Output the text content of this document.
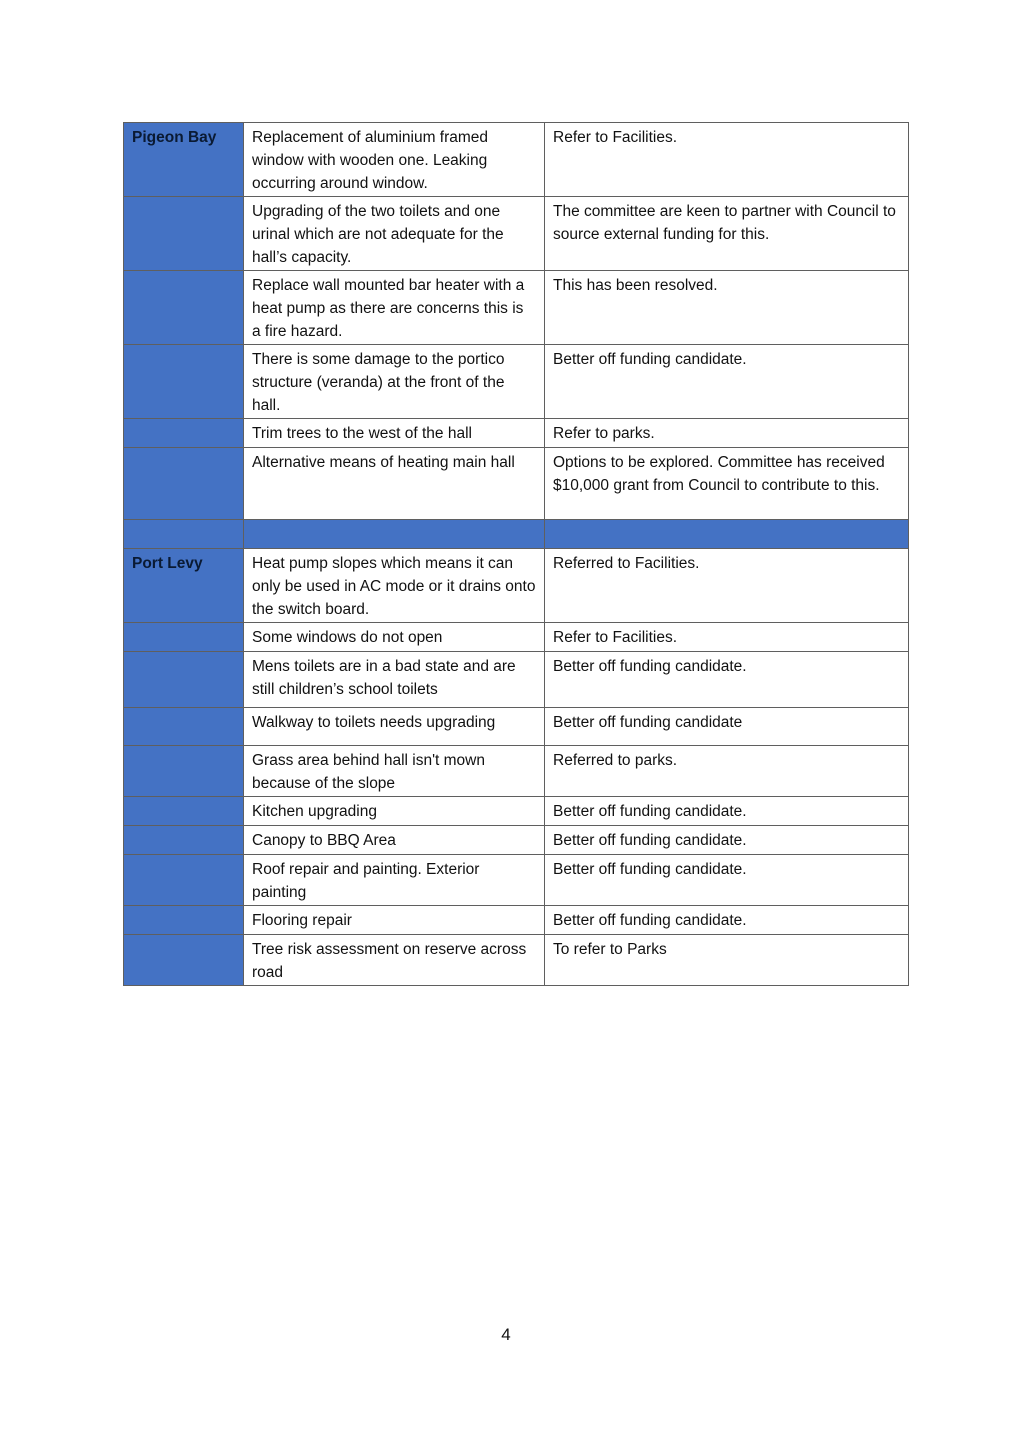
Pigeon Bay	Replacement of aluminium framed window with wooden one. Leaking occurring around window.	Refer to Facilities.
	Upgrading of the two toilets and one urinal which are not adequate for the hall’s capacity.	The committee are keen to partner with Council to source external funding for this.
	Replace wall mounted bar heater with a heat pump as there are concerns this is a fire hazard.	This has been resolved.
	There is some damage to the portico structure (veranda) at the front of the hall.	Better off funding candidate.
	Trim trees to the west of the hall	Refer to parks.
	Alternative means of heating main hall	Options to be explored. Committee has received $10,000 grant from Council to contribute to this.

Port Levy	Heat pump slopes which means it can only be used in AC mode or it drains onto the switch board.	Referred to Facilities.
	Some windows do not open	Refer to Facilities.
	Mens toilets are in a bad state and are still children’s school toilets	Better off funding candidate.
	Walkway to toilets needs upgrading	Better off funding candidate
	Grass area behind hall isn't mown because of the slope	Referred to parks.
	Kitchen upgrading	Better off funding candidate.
	Canopy to BBQ Area	Better off funding candidate.
	Roof repair and painting. Exterior painting	Better off funding candidate.
	Flooring repair	Better off funding candidate.
	Tree risk assessment on reserve across road	To refer to Parks
4
